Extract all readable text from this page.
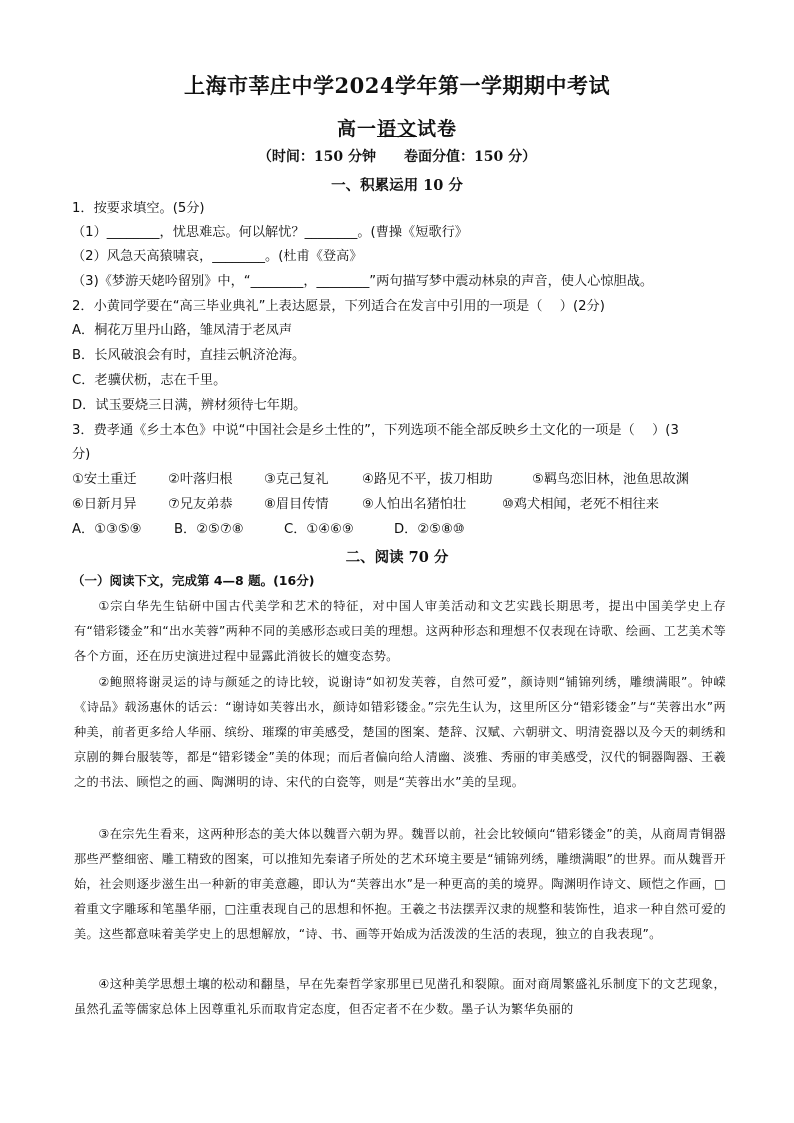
上海市莘庄中学2024学年第一学期期中考试
高一语文试卷
（时间：150 分钟　　卷面分值：150 分）
一、积累运用 10 分
1．按要求填空。(5分)
（1）________，忧思难忘。何以解忧？________。(曹操《短歌行》
（2）风急天高猿啸哀，________。(杜甫《登高》
（3)《梦游天姥吟留别》中，“________，________”两句描写梦中震动林泉的声音，使人心惊胆战。
2．小黄同学要在“高三毕业典礼”上表达愿景，下列适合在发言中引用的一项是（　 ）(2分)
A．桐花万里丹山路，雏凤清于老凤声
B．长风破浪会有时，直挂云帆济沧海。
C．老骥伏枥，志在千里。
D．试玉要烧三日满，辨材须待七年期。
3．费孝通《乡土本色》中说“中国社会是乡土性的”，下列选项不能全部反映乡土文化的一项是（　 ）(3
分)
①安土重迁	②叶落归根	③克己复礼	④路见不平，拔刀相助	⑤羁鸟恋旧林，池鱼思故渊
⑥日新月异	⑦兄友弟恭	⑧眉目传情	⑨人怕出名猪怕壮	⑩鸡犬相闻，老死不相往来
A．①③⑤⑨	B．②⑤⑦⑧	C．①④⑥⑨	D．②⑤⑧⑩
二、阅读 70 分
（一）阅读下文，完成第 4—8 题。(16分)
①宗白华先生钻研中国古代美学和艺术的特征，对中国人审美活动和文艺实践长期思考，提出中国美学史上存有“错彩镂金”和“出水芙蓉”两种不同的美感形态或曰美的理想。这两种形态和理想不仅表现在诗歌、绘画、工艺美术等各个方面，还在历史演进过程中显露此消彼长的嬗变态势。
②鲍照将谢灵运的诗与颜延之的诗比较，说谢诗“如初发芙蓉，自然可爱”，颜诗则“铺锦列绣，雕缋满眼”。钟嵘《诗品》载汤惠休的话云：“谢诗如芙蓉出水，颜诗如错彩镂金。”宗先生认为，这里所区分“错彩镂金”与“芙蓉出水”两种美，前者更多给人华丽、缤纷、璀璨的审美感受，楚国的图案、楚辞、汉赋、六朝骈文、明清瓷器以及今天的刺绣和京剧的舞台服装等，都是“错彩镂金”美的体现；而后者偏向给人清幽、淡雅、秀丽的审美感受，汉代的铜器陶器、王羲之的书法、顾恺之的画、陶渊明的诗、宋代的白瓷等，则是“芙蓉出水”美的呈现。
③在宗先生看来，这两种形态的美大体以魏晋六朝为界。魏晋以前，社会比较倾向“错彩镂金”的美，从商周青铜器那些严整细密、雕工精致的图案，可以推知先秦诸子所处的艺术环境主要是“铺锦列绣，雕缋满眼”的世界。而从魏晋开始，社会则逐步滋生出一种新的审美意趣，即认为“芙蓉出水”是一种更高的美的境界。陶渊明作诗文、顾恺之作画，□着重文字雕琢和笔墨华丽，□注重表现自己的思想和怀抱。王羲之书法摆弄汉隶的规整和装饰性，追求一种自然可爱的美。这些都意味着美学史上的思想解放，“诗、书、画等开始成为活泼泼的生活的表现，独立的自我表现”。
④这种美学思想土壤的松动和翻垦，早在先秦哲学家那里已见凿孔和裂隙。面对商周繁盛礼乐制度下的文艺现象，虽然孔孟等儒家总体上因尊重礼乐而取肯定态度，但否定者不在少数。墨子认为繁华奂丽的
